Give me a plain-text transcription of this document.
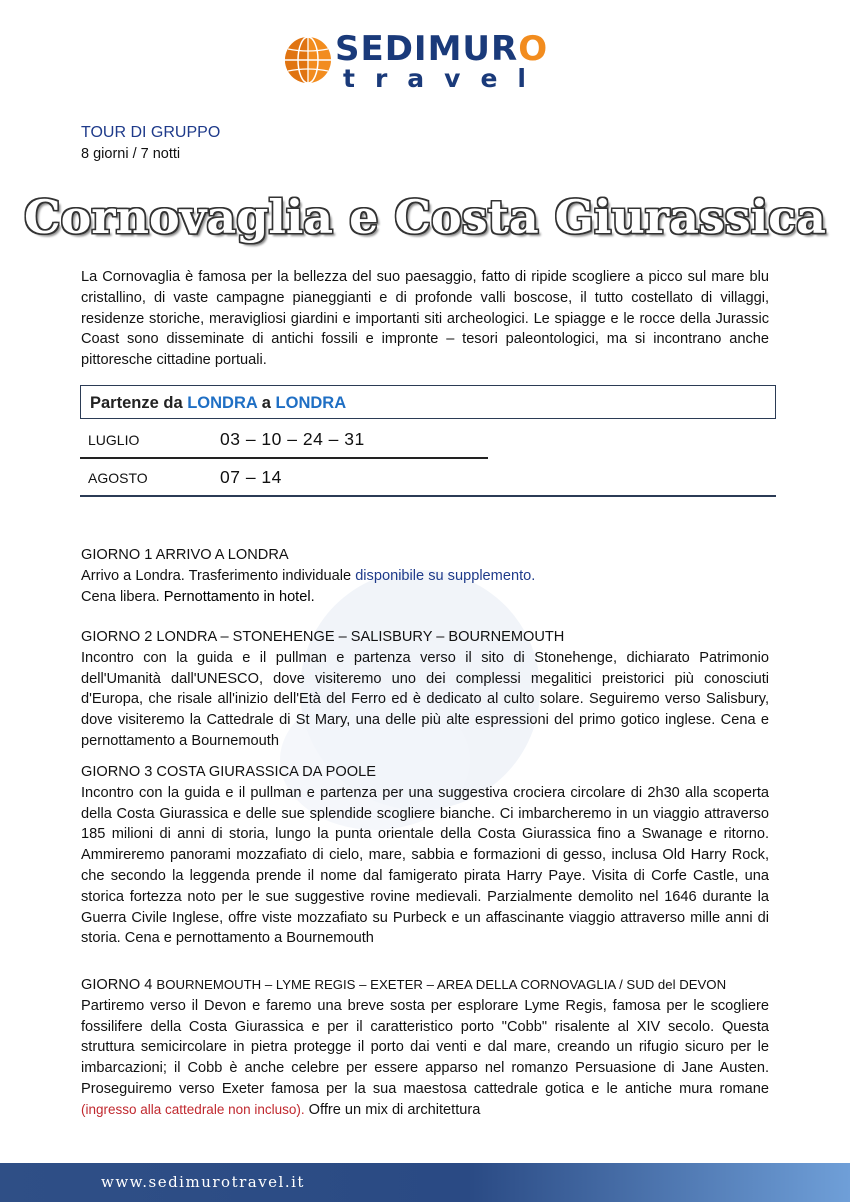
SEDIMURO
travel
TOUR DI GRUPPO
8 giorni / 7 notti
Cornovaglia e Costa Giurassica
La Cornovaglia è famosa per la bellezza del suo paesaggio, fatto di ripide scogliere a picco sul mare blu cristallino, di vaste campagne pianeggianti e di profonde valli boscose, il tutto costellato di villaggi, residenze storiche, meravigliosi giardini e importanti siti archeologici. Le spiagge e le rocce della Jurassic Coast sono disseminate di antichi fossili e impronte – tesori paleontologici, ma si incontrano anche pittoresche cittadine portuali.
Partenze da LONDRA a LONDRA
LUGLIO	03 – 10 – 24 – 31
AGOSTO	07 – 14

GIORNO 1 ARRIVO A LONDRA

Arrivo a Londra. Trasferimento individuale disponibile su supplemento.

Cena libera. Pernottamento in hotel.

GIORNO 2 LONDRA – STONEHENGE – SALISBURY – BOURNEMOUTH

Incontro con la guida e il pullman e partenza verso il sito di Stonehenge, dichiarato Patrimonio dell'Umanità dall'UNESCO, dove visiteremo uno dei complessi megalitici preistorici più conosciuti d'Europa, che risale all'inizio dell'Età del Ferro ed è dedicato al culto solare. Seguiremo verso Salisbury, dove visiteremo la Cattedrale di St Mary, una delle più alte espressioni del primo gotico inglese. Cena e pernottamento a Bournemouth

GIORNO 3 COSTA GIURASSICA DA POOLE

Incontro con la guida e il pullman e partenza per una suggestiva crociera circolare di 2h30 alla scoperta della Costa Giurassica e delle sue splendide scogliere bianche. Ci imbarcheremo in un viaggio attraverso 185 milioni di anni di storia, lungo la punta orientale della Costa Giurassica fino a Swanage e ritorno. Ammireremo panorami mozzafiato di cielo, mare, sabbia e formazioni di gesso, inclusa Old Harry Rock, che secondo la leggenda prende il nome dal famigerato pirata Harry Paye. Visita di Corfe Castle, una storica fortezza noto per le sue suggestive rovine medievali. Parzialmente demolito nel 1646 durante la Guerra Civile Inglese, offre viste mozzafiato su Purbeck e un affascinante viaggio attraverso mille anni di storia. Cena e pernottamento a Bournemouth

GIORNO 4 BOURNEMOUTH – LYME REGIS – EXETER – AREA DELLA CORNOVAGLIA / SUD del DEVON

Partiremo verso il Devon e faremo una breve sosta per esplorare Lyme Regis, famosa per le scogliere fossilifere della Costa Giurassica e per il caratteristico porto "Cobb" risalente al XIV secolo. Questa struttura semicircolare in pietra protegge il porto dai venti e dal mare, creando un rifugio sicuro per le imbarcazioni; il Cobb è anche celebre per essere apparso nel romanzo Persuasione di Jane Austen. Proseguiremo verso Exeter famosa per la sua maestosa cattedrale gotica e le antiche mura romane (ingresso alla cattedrale non incluso). Offre un mix di architettura

www.sedimurotravel.it
